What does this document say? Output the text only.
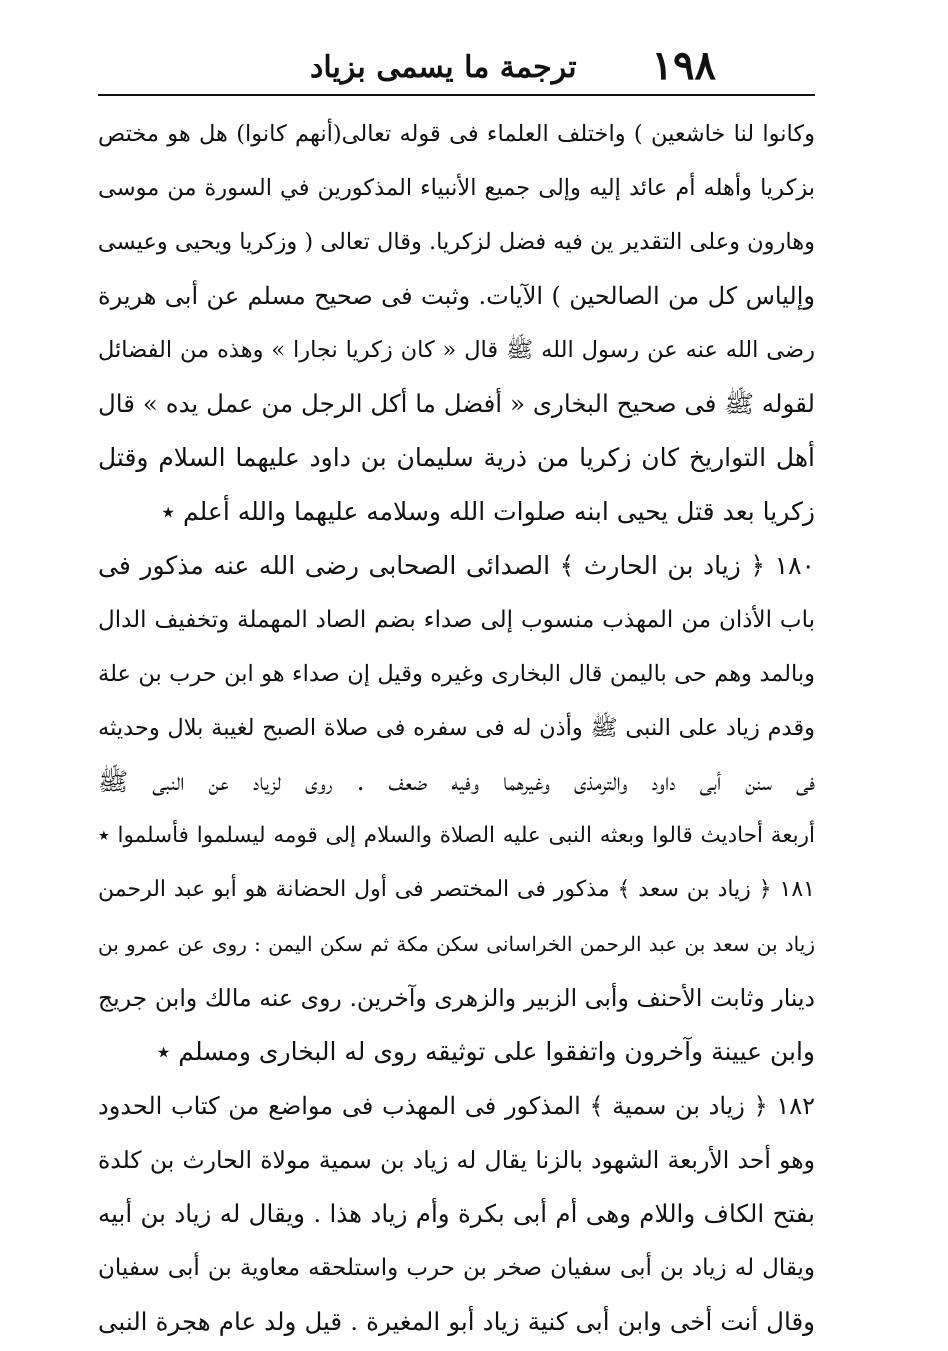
١٩٨
ترجمة ما يسمى بزياد
وكانوا لنا خاشعين ) واختلف العلماء فى قوله تعالى(أنهم كانوا) هل هو مختص
بزكريا وأهله أم عائد إليه وإلى جميع الأنبياء المذكورين في السورة من موسى
وهارون وعلى التقدير ين فيه فضل لزكريا. وقال تعالى ( وزكريا ويحيى وعيسى
وإلياس كل من الصالحين ) الآيات. وثبت فى صحيح مسلم عن أبى هريرة
رضى الله عنه عن رسول الله ﷺ قال « كان زكريا نجارا » وهذه من الفضائل
لقوله ﷺ فى صحيح البخارى « أفضل ما أكل الرجل من عمل يده » قال
أهل التواريخ كان زكريا من ذرية سليمان بن داود عليهما السلام وقتل
زكريا بعد قتل يحيى ابنه صلوات الله وسلامه عليهما والله أعلم ٭
١٨٠ ﴿ زياد بن الحارث ﴾ الصدائى الصحابى رضى الله عنه مذكور فى
باب الأذان من المهذب منسوب إلى صداء بضم الصاد المهملة وتخفيف الدال
وبالمد وهم حى باليمن قال البخارى وغيره وقيل إن صداء هو ابن حرب بن علة
وقدم زياد على النبى ﷺ وأذن له فى سفره فى صلاة الصبح لغيبة بلال وحديثه
فى سنن أبى داود والترمذى وغيرهما وفيه ضعف . روى لزياد عن النبى ﷺ
أربعة أحاديث قالوا وبعثه النبى عليه الصلاة والسلام إلى قومه ليسلموا فأسلموا ٭
١٨١ ﴿ زياد بن سعد ﴾ مذكور فى المختصر فى أول الحضانة هو أبو عبد الرحمن
زياد بن سعد بن عبد الرحمن الخراسانى سكن مكة ثم سكن اليمن : روى عن عمرو بن
دينار وثابت الأحنف وأبى الزبير والزهرى وآخرين. روى عنه مالك وابن جريج
وابن عيينة وآخرون واتفقوا على توثيقه روى له البخارى ومسلم ٭
١٨٢ ﴿ زياد بن سمية ﴾ المذكور فى المهذب فى مواضع من كتاب الحدود
وهو أحد الأربعة الشهود بالزنا يقال له زياد بن سمية مولاة الحارث بن كلدة
بفتح الكاف واللام وهى أم أبى بكرة وأم زياد هذا . ويقال له زياد بن أبيه
ويقال له زياد بن أبى سفيان صخر بن حرب واستلحقه معاوية بن أبى سفيان
وقال أنت أخى وابن أبى كنية زياد أبو المغيرة . قيل ولد عام هجرة النبى
